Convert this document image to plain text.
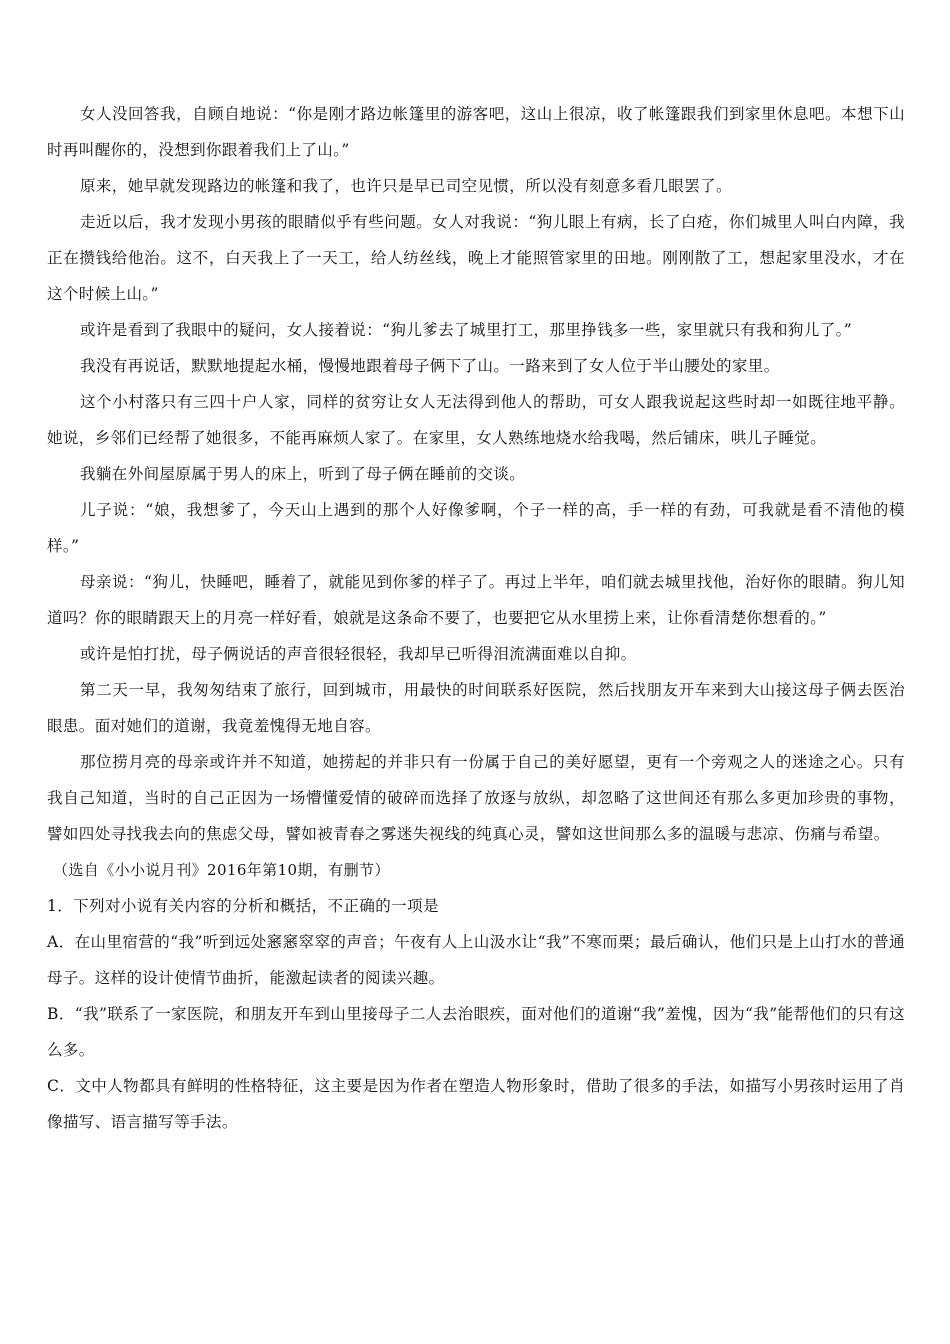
女人没回答我，自顾自地说：“你是刚才路边帐篷里的游客吧，这山上很凉，收了帐篷跟我们到家里休息吧。本想下山时再叫醒你的，没想到你跟着我们上了山。”

原来，她早就发现路边的帐篷和我了，也许只是早已司空见惯，所以没有刻意多看几眼罢了。

走近以后，我才发现小男孩的眼睛似乎有些问题。女人对我说：“狗儿眼上有病，长了白疮，你们城里人叫白内障，我正在攒钱给他治。这不，白天我上了一天工，给人纺丝线，晚上才能照管家里的田地。刚刚散了工，想起家里没水，才在这个时候上山。”

或许是看到了我眼中的疑问，女人接着说：“狗儿爹去了城里打工，那里挣钱多一些，家里就只有我和狗儿了。”

我没有再说话，默默地提起水桶，慢慢地跟着母子俩下了山。一路来到了女人位于半山腰处的家里。

这个小村落只有三四十户人家，同样的贫穷让女人无法得到他人的帮助，可女人跟我说起这些时却一如既往地平静。她说，乡邻们已经帮了她很多，不能再麻烦人家了。在家里，女人熟练地烧水给我喝，然后铺床，哄儿子睡觉。

我躺在外间屋原属于男人的床上，听到了母子俩在睡前的交谈。

儿子说：“娘，我想爹了，今天山上遇到的那个人好像爹啊，个子一样的高，手一样的有劲，可我就是看不清他的模样。”

母亲说：“狗儿，快睡吧，睡着了，就能见到你爹的样子了。再过上半年，咱们就去城里找他，治好你的眼睛。狗儿知道吗？你的眼睛跟天上的月亮一样好看，娘就是这条命不要了，也要把它从水里捞上来，让你看清楚你想看的。”

或许是怕打扰，母子俩说话的声音很轻很轻，我却早已听得泪流满面难以自抑。

第二天一早，我匆匆结束了旅行，回到城市，用最快的时间联系好医院，然后找朋友开车来到大山接这母子俩去医治眼患。面对她们的道谢，我竟羞愧得无地自容。

那位捞月亮的母亲或许并不知道，她捞起的并非只有一份属于自己的美好愿望，更有一个旁观之人的迷途之心。只有我自己知道，当时的自己正因为一场懵懂爱情的破碎而选择了放逐与放纵，却忽略了这世间还有那么多更加珍贵的事物，譬如四处寻找我去向的焦虑父母，譬如被青春之雾迷失视线的纯真心灵，譬如这世间那么多的温暖与悲凉、伤痛与希望。

（选自《小小说月刊》2016年第10期，有删节）

1．下列对小说有关内容的分析和概括，不正确的一项是

A．在山里宿营的“我”听到远处窸窸窣窣的声音；午夜有人上山汲水让“我”不寒而栗；最后确认，他们只是上山打水的普通母子。这样的设计使情节曲折，能激起读者的阅读兴趣。

B．“我”联系了一家医院，和朋友开车到山里接母子二人去治眼疾，面对他们的道谢“我”羞愧，因为“我”能帮他们的只有这么多。

C．文中人物都具有鲜明的性格特征，这主要是因为作者在塑造人物形象时，借助了很多的手法，如描写小男孩时运用了肖像描写、语言描写等手法。
